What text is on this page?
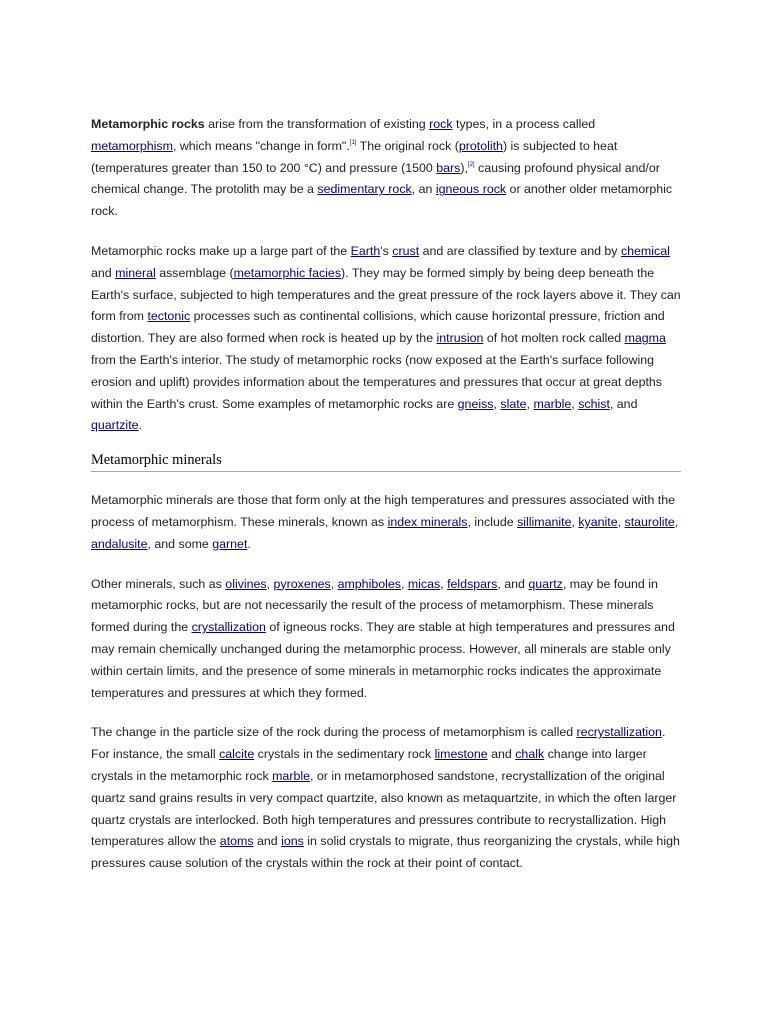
Metamorphic rocks arise from the transformation of existing rock types, in a process called metamorphism, which means "change in form".[1] The original rock (protolith) is subjected to heat (temperatures greater than 150 to 200 °C) and pressure (1500 bars),[2] causing profound physical and/or chemical change. The protolith may be a sedimentary rock, an igneous rock or another older metamorphic rock.

Metamorphic rocks make up a large part of the Earth's crust and are classified by texture and by chemical and mineral assemblage (metamorphic facies). They may be formed simply by being deep beneath the Earth's surface, subjected to high temperatures and the great pressure of the rock layers above it. They can form from tectonic processes such as continental collisions, which cause horizontal pressure, friction and distortion. They are also formed when rock is heated up by the intrusion of hot molten rock called magma from the Earth's interior. The study of metamorphic rocks (now exposed at the Earth's surface following erosion and uplift) provides information about the temperatures and pressures that occur at great depths within the Earth's crust. Some examples of metamorphic rocks are gneiss, slate, marble, schist, and quartzite.

Metamorphic minerals

Metamorphic minerals are those that form only at the high temperatures and pressures associated with the process of metamorphism. These minerals, known as index minerals, include sillimanite, kyanite, staurolite, andalusite, and some garnet.

Other minerals, such as olivines, pyroxenes, amphiboles, micas, feldspars, and quartz, may be found in metamorphic rocks, but are not necessarily the result of the process of metamorphism. These minerals formed during the crystallization of igneous rocks. They are stable at high temperatures and pressures and may remain chemically unchanged during the metamorphic process. However, all minerals are stable only within certain limits, and the presence of some minerals in metamorphic rocks indicates the approximate temperatures and pressures at which they formed.

The change in the particle size of the rock during the process of metamorphism is called recrystallization. For instance, the small calcite crystals in the sedimentary rock limestone and chalk change into larger crystals in the metamorphic rock marble, or in metamorphosed sandstone, recrystallization of the original quartz sand grains results in very compact quartzite, also known as metaquartzite, in which the often larger quartz crystals are interlocked. Both high temperatures and pressures contribute to recrystallization. High temperatures allow the atoms and ions in solid crystals to migrate, thus reorganizing the crystals, while high pressures cause solution of the crystals within the rock at their point of contact.
